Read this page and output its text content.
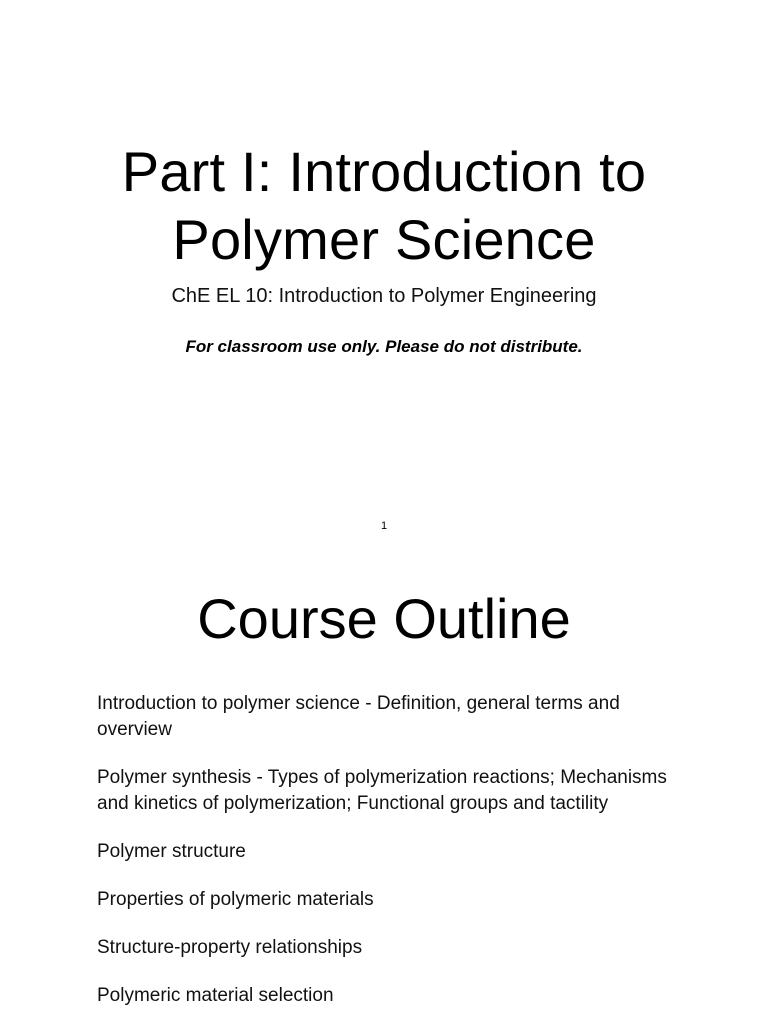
Part I: Introduction to
Polymer Science
ChE EL 10: Introduction to Polymer Engineering
For classroom use only. Please do not distribute.
1
Course Outline
Introduction to polymer science - Definition, general terms and overview
Polymer synthesis - Types of polymerization reactions; Mechanisms and kinetics of polymerization; Functional groups and tactility
Polymer structure
Properties of polymeric materials
Structure-property relationships
Polymeric material selection
